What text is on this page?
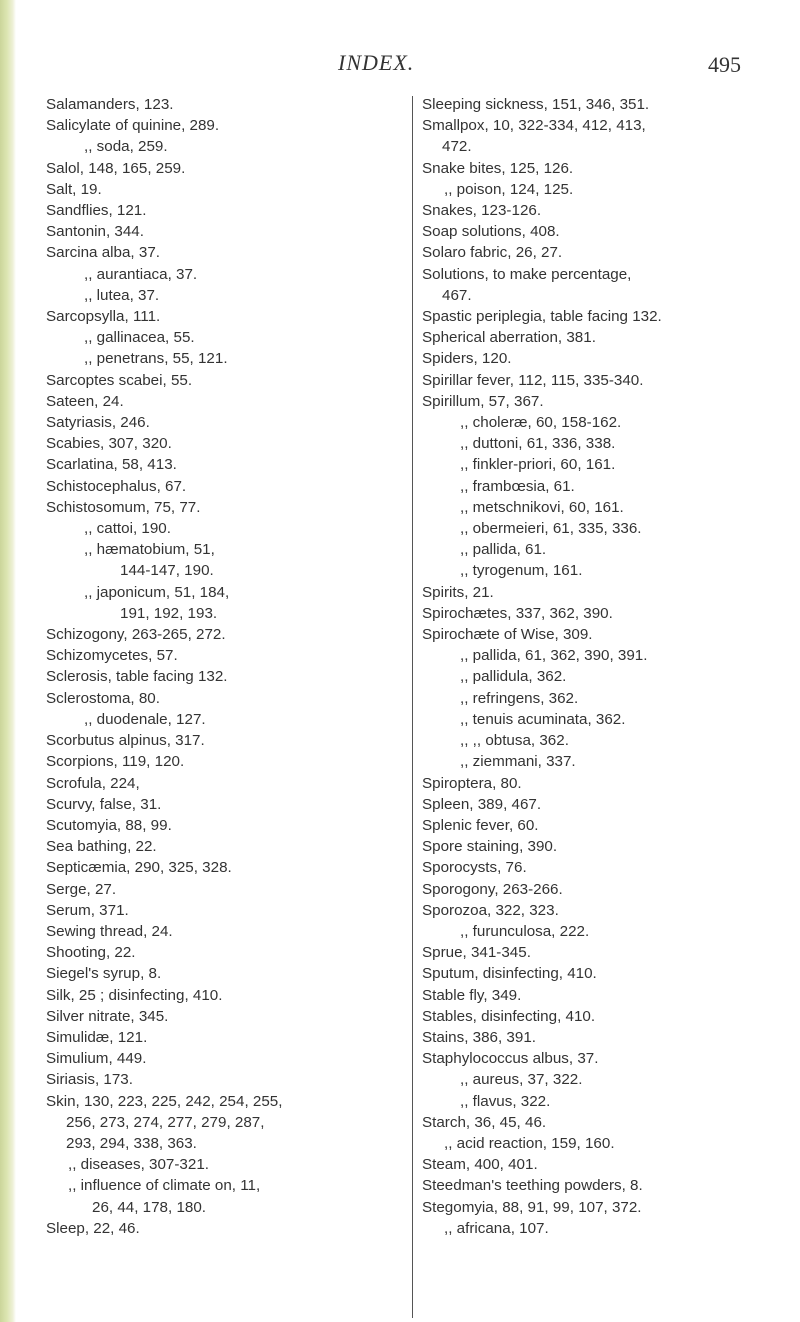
INDEX.	495
Salamanders, 123.
Salicylate of quinine, 289.
,, soda, 259.
Salol, 148, 165, 259.
Salt, 19.
Sandflies, 121.
Santonin, 344.
Sarcina alba, 37.
,, aurantiaca, 37.
,, lutea, 37.
Sarcopsylla, 111.
,, gallinacea, 55.
,, penetrans, 55, 121.
Sarcoptes scabei, 55.
Sateen, 24.
Satyriasis, 246.
Scabies, 307, 320.
Scarlatina, 58, 413.
Schistocephalus, 67.
Schistosomum, 75, 77.
,, cattoi, 190.
,, hæmatobium, 51,
144-147, 190.
,, japonicum, 51, 184,
191, 192, 193.
Schizogony, 263-265, 272.
Schizomycetes, 57.
Sclerosis, table facing 132.
Sclerostoma, 80.
,, duodenale, 127.
Scorbutus alpinus, 317.
Scorpions, 119, 120.
Scrofula, 224,
Scurvy, false, 31.
Scutomyia, 88, 99.
Sea bathing, 22.
Septicæmia, 290, 325, 328.
Serge, 27.
Serum, 371.
Sewing thread, 24.
Shooting, 22.
Siegel's syrup, 8.
Silk, 25 ; disinfecting, 410.
Silver nitrate, 345.
Simulidæ, 121.
Simulium, 449.
Siriasis, 173.
Skin, 130, 223, 225, 242, 254, 255,
256, 273, 274, 277, 279, 287,
293, 294, 338, 363.
,, diseases, 307-321.
,, influence of climate on, 11,
26, 44, 178, 180.
Sleep, 22, 46.
Sleeping sickness, 151, 346, 351.
Smallpox, 10, 322-334, 412, 413,
472.
Snake bites, 125, 126.
,, poison, 124, 125.
Snakes, 123-126.
Soap solutions, 408.
Solaro fabric, 26, 27.
Solutions, to make percentage,
467.
Spastic periplegia, table facing 132.
Spherical aberration, 381.
Spiders, 120.
Spirillar fever, 112, 115, 335-340.
Spirillum, 57, 367.
,, choleræ, 60, 158-162.
,, duttoni, 61, 336, 338.
,, finkler-priori, 60, 161.
,, frambœsia, 61.
,, metschnikovi, 60, 161.
,, obermeieri, 61, 335, 336.
,, pallida, 61.
,, tyrogenum, 161.
Spirits, 21.
Spirochætes, 337, 362, 390.
Spirochæte of Wise, 309.
,, pallida, 61, 362, 390, 391.
,, pallidula, 362.
,, refringens, 362.
,, tenuis acuminata, 362.
,, ,, obtusa, 362.
,, ziemmani, 337.
Spiroptera, 80.
Spleen, 389, 467.
Splenic fever, 60.
Spore staining, 390.
Sporocysts, 76.
Sporogony, 263-266.
Sporozoa, 322, 323.
,, furunculosa, 222.
Sprue, 341-345.
Sputum, disinfecting, 410.
Stable fly, 349.
Stables, disinfecting, 410.
Stains, 386, 391.
Staphylococcus albus, 37.
,, aureus, 37, 322.
,, flavus, 322.
Starch, 36, 45, 46.
,, acid reaction, 159, 160.
Steam, 400, 401.
Steedman's teething powders, 8.
Stegomyia, 88, 91, 99, 107, 372.
,, africana, 107.
